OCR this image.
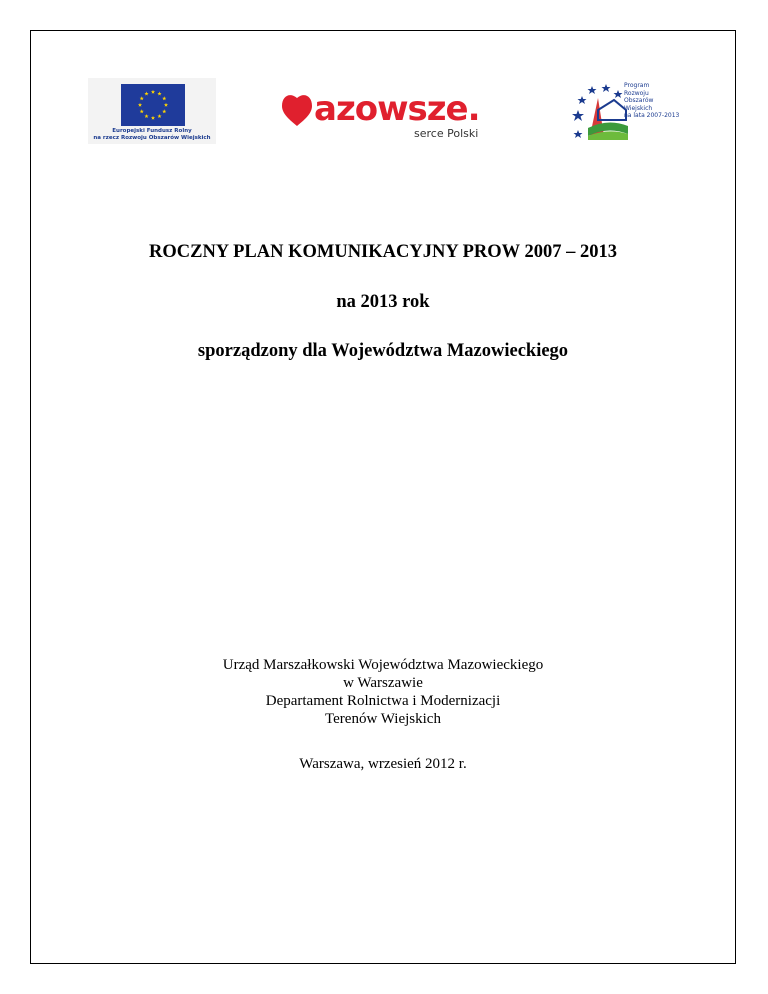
Europejski Fundusz Rolny
na rzecz Rozwoju Obszarów Wiejskich
azowsze.
serce Polski
Program
Rozwoju
Obszarów
Wiejskich
na lata 2007-2013
ROCZNY PLAN KOMUNIKACYJNY PROW 2007 – 2013
na 2013 rok
sporządzony dla Województwa Mazowieckiego
Urząd Marszałkowski Województwa Mazowieckiego
w Warszawie
Departament Rolnictwa i Modernizacji
Terenów Wiejskich
Warszawa, wrzesień 2012 r.
